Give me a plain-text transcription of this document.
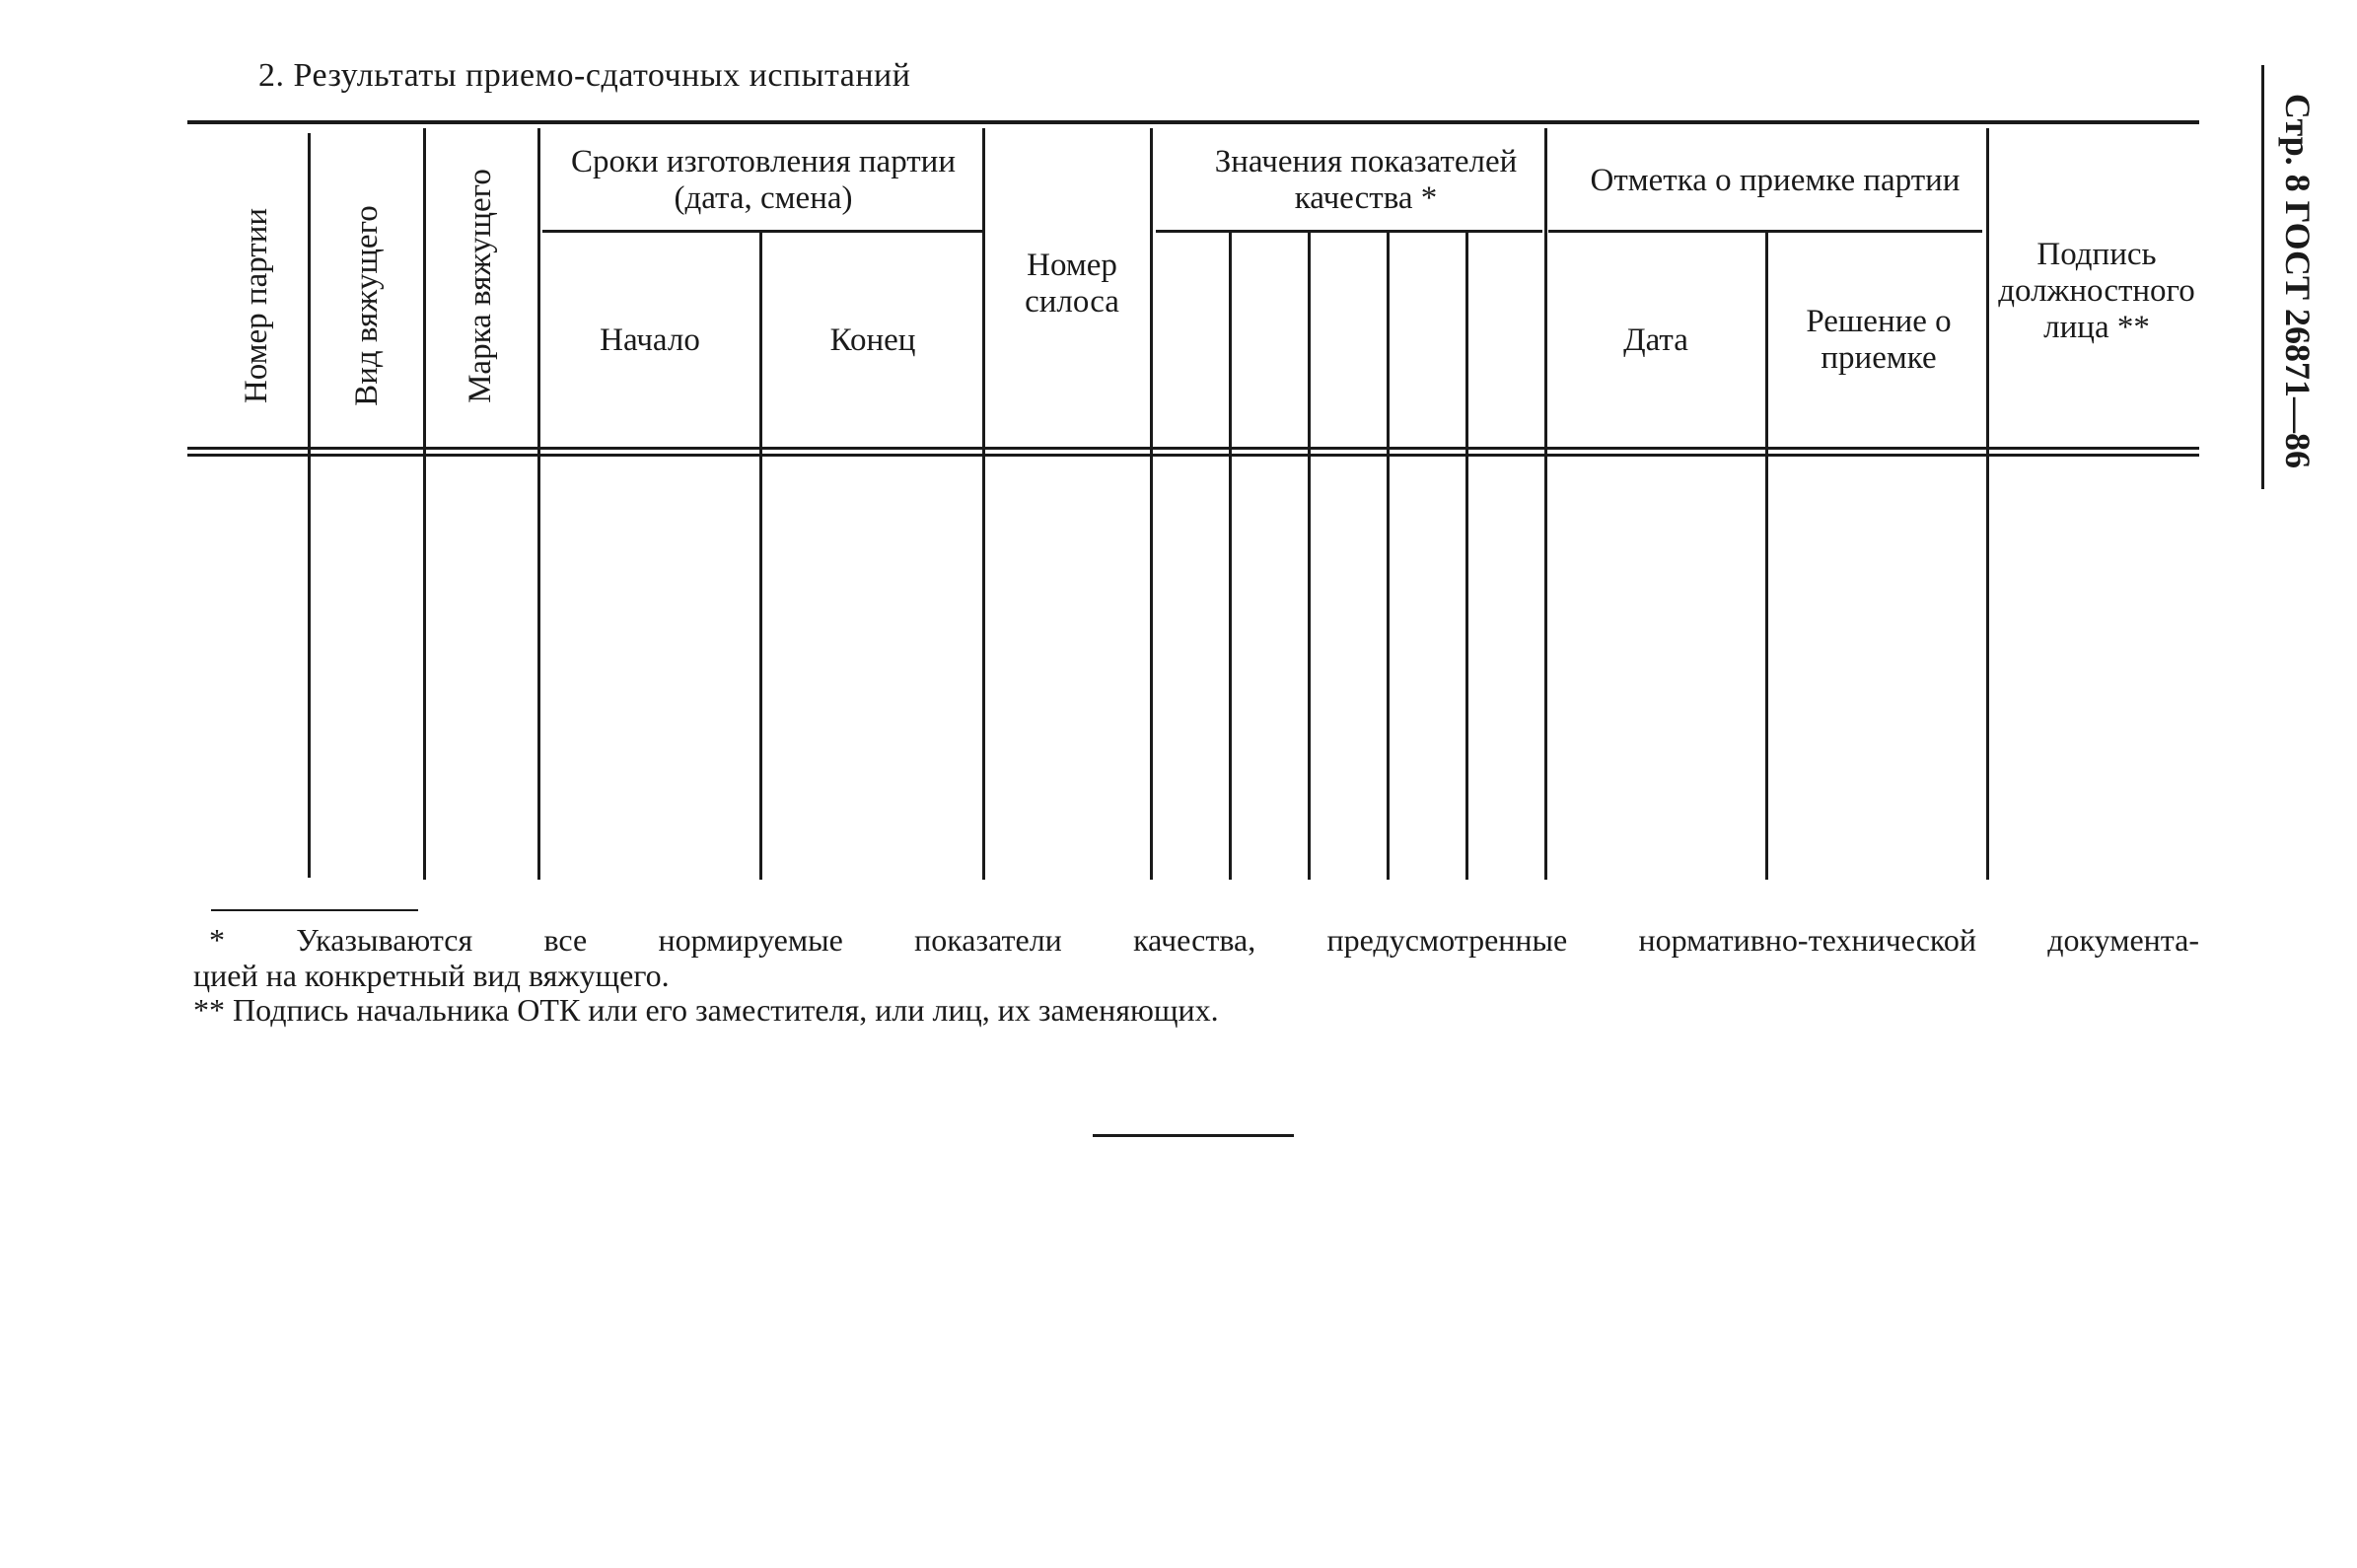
2. Результаты приемо-сдаточных испытаний
Номер партии Вид вяжущего Марка вяжущего
Сроки изготовления партии (дата, смена)
Начало	Конец
Номер силоса
Значения показателей качества *
Отметка о приемке партии
Дата
Решение о приемке
Подпись должностного лица **	Стр. 8 ГОСТ 26871—86
* Указываются все нормируемые показатели качества, предусмотренные нормативно-технической документа-
цией на конкретный вид вяжущего.
** Подпись начальника ОТК или его заместителя, или лиц, их заменяющих.
